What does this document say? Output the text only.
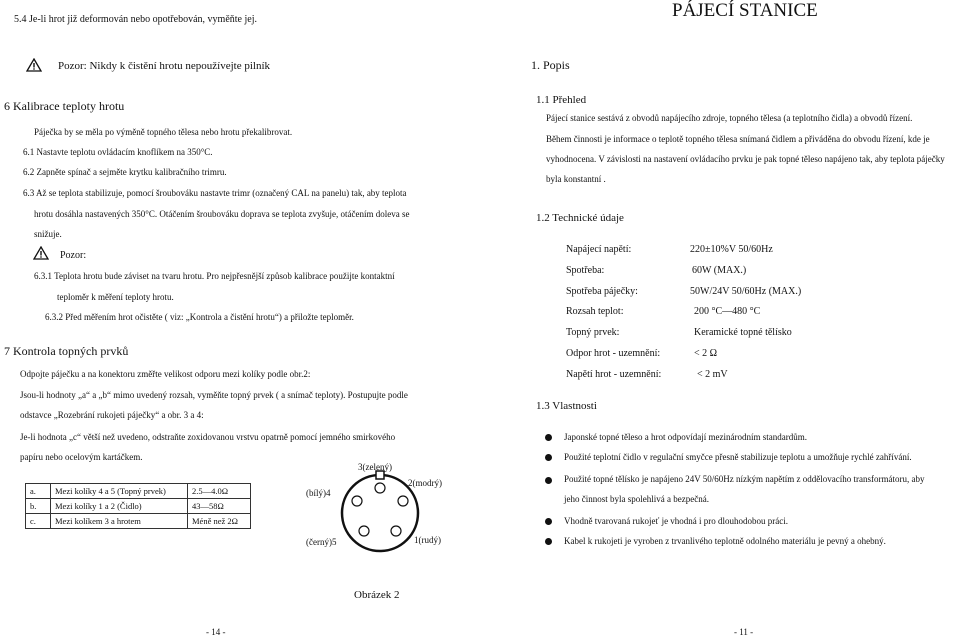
5.4 Je-li hrot již deformován nebo opotřebován, vyměňte jej.
Pozor: Nikdy k čistění hrotu nepoužívejte pilník
6 Kalibrace teploty hrotu
Páječka by se měla po výměně topného tělesa nebo hrotu překalibrovat.
6.1 Nastavte teplotu ovládacím knoflíkem na 350°C.
6.2 Zapněte spínač a sejměte krytku kalibračního trimru.
6.3 Až se teplota stabilizuje, pomocí šroubováku nastavte trimr (označený CAL na panelu) tak, aby teplota
hrotu dosáhla nastavených 350°C. Otáčením šroubováku doprava se teplota zvyšuje, otáčením doleva se
snižuje.
Pozor:
6.3.1 Teplota hrotu bude záviset na tvaru hrotu. Pro nejpřesnější způsob kalibrace použijte kontaktní
teploměr k měření teploty hrotu.
6.3.2 Před měřením hrot očistěte ( viz: „Kontrola a čistění hrotu“) a přiložte teploměr.
7 Kontrola topných prvků
Odpojte páječku a na konektoru změřte velikost odporu mezi kolíky podle obr.2:
Jsou-li hodnoty „a“ a „b“ mimo uvedený rozsah, vyměňte topný prvek ( a snímač teploty). Postupujte podle
odstavce „Rozebrání rukojeti páječky“ a obr. 3 a 4:
Je-li hodnota „c“ větší než uvedeno, odstraňte zoxidovanou vrstvu opatrně pomocí jemného smirkového
papíru nebo ocelovým kartáčkem.
a.	Mezi kolíky 4 a 5 (Topný prvek)	2.5—4.0Ω
b.	Mezi kolíky 1 a 2 (Čidlo)	43—58Ω
c.	Mezi kolíkem 3 a hrotem	Méně než 2Ω
3(zelený)
2(modrý)
(bílý)4
(černý)5	1(rudý)
Obrázek 2
- 14 -
PÁJECÍ STANICE
1. Popis
1.1 Přehled
Pájecí stanice sestává z obvodů napájecího zdroje, topného tělesa (a teplotního čidla) a obvodů řízení.
Během činnosti je informace o teplotě topného tělesa snímaná čidlem a přiváděna do obvodu řízení, kde je
vyhodnocena. V závislosti na nastavení ovládacího prvku je pak topné těleso napájeno tak, aby teplota páječky
byla konstantní .
1.2 Technické údaje
Napájecí napětí:	220±10%V 50/60Hz
Spotřeba:	60W (MAX.)
Spotřeba páječky:	50W/24V 50/60Hz (MAX.)
Rozsah teplot:	200 °C—480 °C
Topný prvek:	Keramické topné tělísko
Odpor hrot - uzemnění:	< 2 Ω
Napětí hrot - uzemnění:	< 2 mV
1.3 Vlastnosti
Japonské topné těleso a hrot odpovídají mezinárodním standardům.
Použité teplotní čidlo v regulační smyčce přesně stabilizuje teplotu a umožňuje rychlé zahřívání.
Použité topné tělísko je napájeno 24V 50/60Hz nízkým napětím z oddělovacího transformátoru, aby
jeho činnost byla spolehlivá a bezpečná.
Vhodně tvarovaná rukojeť je vhodná i pro dlouhodobou práci.
Kabel k rukojeti je vyroben z trvanlivého teplotně odolného materiálu je pevný a ohebný.
- 11 -
